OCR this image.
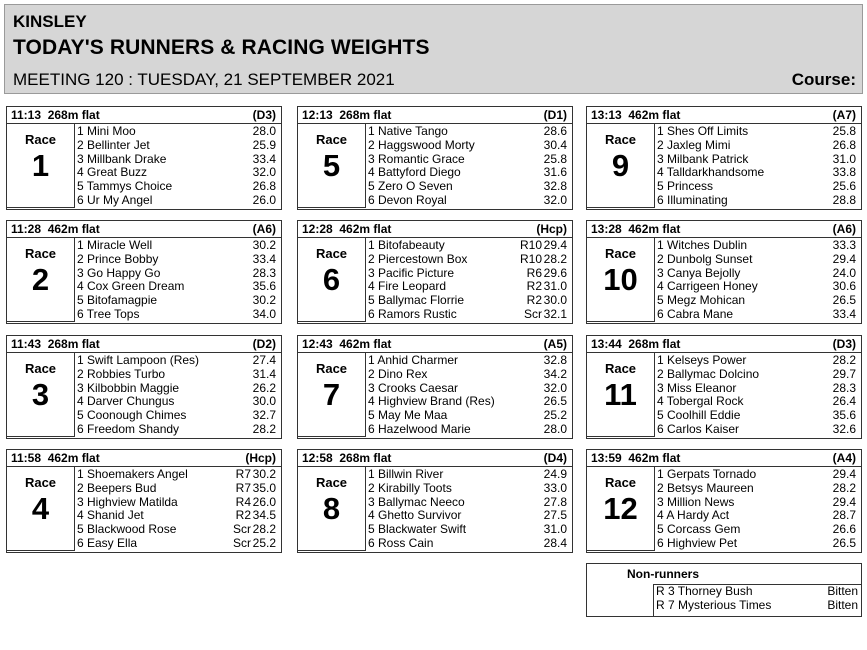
KINSLEY
TODAY'S RUNNERS & RACING WEIGHTS
MEETING 120 : TUESDAY, 21 SEPTEMBER 2021	Course:
11:13 268m flat	(D3)
Race
1
1 Mini Moo	28.0
2 Bellinter Jet	25.9
3 Millbank Drake	33.4
4 Great Buzz	32.0
5 Tammys Choice	26.8
6 Ur My Angel	26.0
11:28 462m flat	(A6)
Race
2
1 Miracle Well	30.2
2 Prince Bobby	33.4
3 Go Happy Go	28.3
4 Cox Green Dream	35.6
5 Bitofamagpie	30.2
6 Tree Tops	34.0
11:43 268m flat	(D2)
Race
3
1 Swift Lampoon (Res)	27.4
2 Robbies Turbo	31.4
3 Kilbobbin Maggie	26.2
4 Darver Chungus	30.0
5 Coonough Chimes	32.7
6 Freedom Shandy	28.2
11:58 462m flat	(Hcp)
Race
4
1 Shoemakers Angel	R7 30.2
2 Beepers Bud	R7 35.0
3 Highview Matilda	R4 26.0
4 Shanid Jet	R2 34.5
5 Blackwood Rose	Scr 28.2
6 Easy Ella	Scr 25.2
12:13 268m flat	(D1)
Race
5
1 Native Tango	28.6
2 Haggswood Morty	30.4
3 Romantic Grace	25.8
4 Battyford Diego	31.6
5 Zero O Seven	32.8
6 Devon Royal	32.0
12:28 462m flat	(Hcp)
Race
6
1 Bitofabeauty	R10 29.4
2 Piercestown Box	R10 28.2
3 Pacific Picture	R6 29.6
4 Fire Leopard	R2 31.0
5 Ballymac Florrie	R2 30.0
6 Ramors Rustic	Scr 32.1
12:43 462m flat	(A5)
Race
7
1 Anhid Charmer	32.8
2 Dino Rex	34.2
3 Crooks Caesar	32.0
4 Highview Brand (Res)	26.5
5 May Me Maa	25.2
6 Hazelwood Marie	28.0
12:58 268m flat	(D4)
Race
8
1 Billwin River	24.9
2 Kirabilly Toots	33.0
3 Ballymac Neeco	27.8
4 Ghetto Survivor	27.5
5 Blackwater Swift	31.0
6 Ross Cain	28.4
13:13 462m flat	(A7)
Race
9
1 Shes Off Limits	25.8
2 Jaxleg Mimi	26.8
3 Milbank Patrick	31.0
4 Talldarkhandsome	33.8
5 Princess	25.6
6 Illuminating	28.8
13:28 462m flat	(A6)
Race
10
1 Witches Dublin	33.3
2 Dunbolg Sunset	29.4
3 Canya Bejolly	24.0
4 Carrigeen Honey	30.6
5 Megz Mohican	26.5
6 Cabra Mane	33.4
13:44 268m flat	(D3)
Race
11
1 Kelseys Power	28.2
2 Ballymac Dolcino	29.7
3 Miss Eleanor	28.3
4 Tobergal Rock	26.4
5 Coolhill Eddie	35.6
6 Carlos Kaiser	32.6
13:59 462m flat	(A4)
Race
12
1 Gerpats Tornado	29.4
2 Betsys Maureen	28.2
3 Million News	29.4
4 A Hardy Act	28.7
5 Corcass Gem	26.6
6 Highview Pet	26.5
Non-runners
R 3 Thorney Bush	Bitten
R 7 Mysterious Times	Bitten
